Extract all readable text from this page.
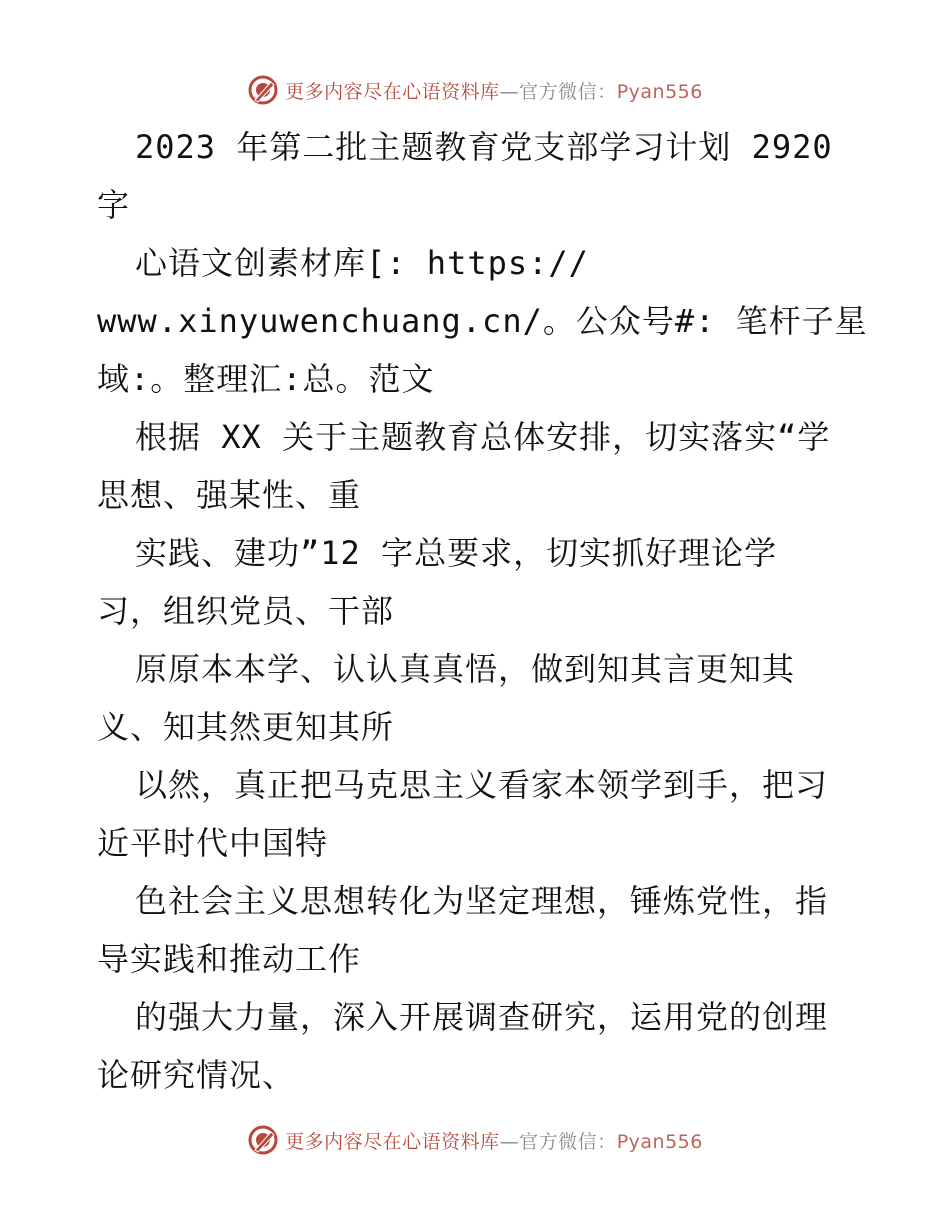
更多内容尽在心语资料库—官方微信：Pyan556
2023 年第二批主题教育党支部学习计划 2920
字
心语文创素材库[: https://
www.xinyuwenchuang.cn/。公众号#: 笔杆子星
域:。整理汇:总。范文
根据 XX 关于主题教育总体安排，切实落实“学
思想、强某性、重
实践、建功”12 字总要求，切实抓好理论学
习，组织党员、干部
原原本本学、认认真真悟，做到知其言更知其
义、知其然更知其所
以然，真正把马克思主义看家本领学到手，把习
近平时代中国特
色社会主义思想转化为坚定理想，锤炼党性，指
导实践和推动工作
的强大力量，深入开展调查研究，运用党的创理
论研究情况、
更多内容尽在心语资料库—官方微信：Pyan556
